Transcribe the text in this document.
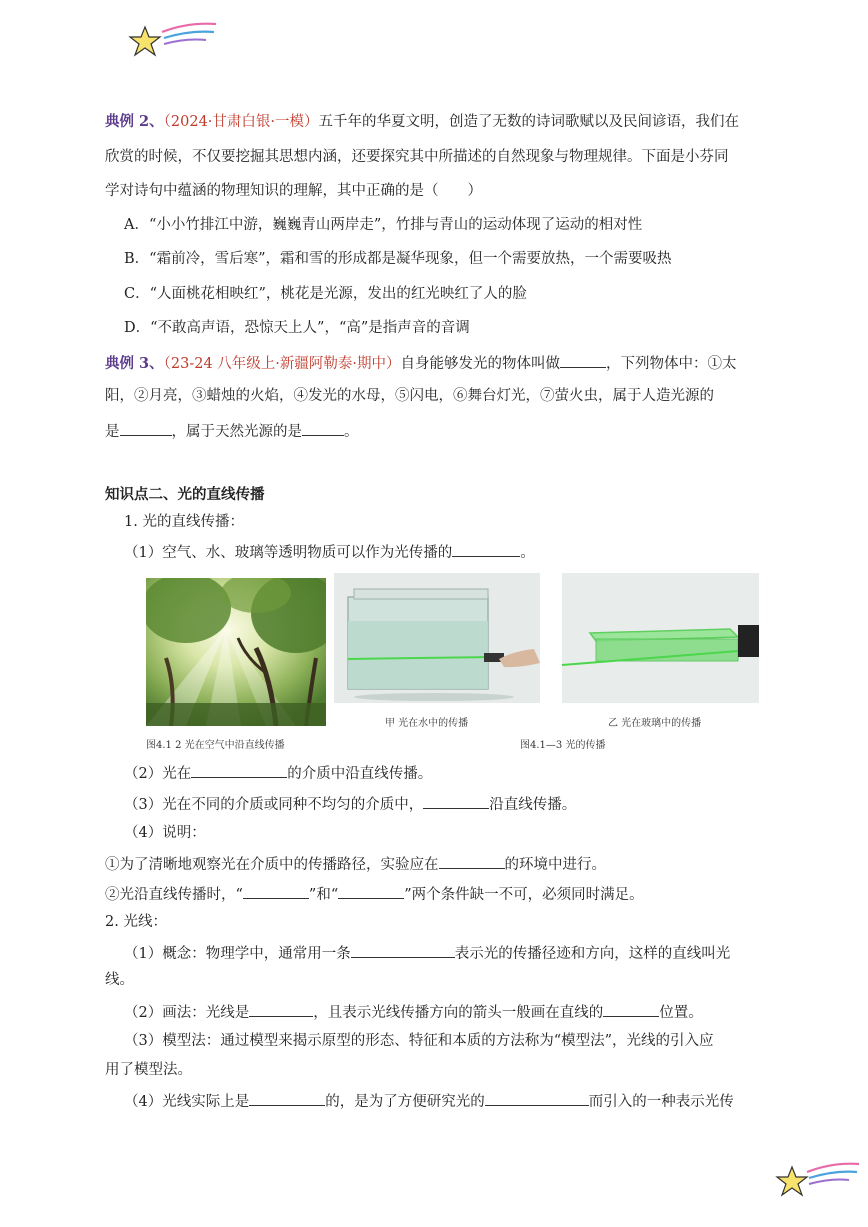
典例 2、（2024·甘肃白银·一模）五千年的华夏文明，创造了无数的诗词歌赋以及民间谚语，我们在
欣赏的时候，不仅要挖掘其思想内涵，还要探究其中所描述的自然现象与物理规律。下面是小芬同
学对诗句中蕴涵的物理知识的理解，其中正确的是（　　）
A．“小小竹排江中游，巍巍青山两岸走”，竹排与青山的运动体现了运动的相对性
B．“霜前冷，雪后寒”，霜和雪的形成都是凝华现象，但一个需要放热，一个需要吸热
C．“人面桃花相映红”，桃花是光源，发出的红光映红了人的脸
D．“不敢高声语，恐惊天上人”，“高”是指声音的音调
典例 3、（23-24 八年级上·新疆阿勒泰·期中）自身能够发光的物体叫做	，下列物体中：①太
阳，②月亮，③蜡烛的火焰，④发光的水母，⑤闪电，⑥舞台灯光，⑦萤火虫，属于人造光源的
是	，属于天然光源的是	。
知识点二、光的直线传播
1. 光的直线传播：
（1）空气、水、玻璃等透明物质可以作为光传播的	。
图4.1 2 光在空气中沿直线传播
甲 光在水中的传播	乙 光在玻璃中的传播
图4.1—3 光的传播
（2）光在	的介质中沿直线传播。
（3）光在不同的介质或同种不均匀的介质中，	沿直线传播。
（4）说明：
①为了清晰地观察光在介质中的传播路径，实验应在	的环境中进行。
②光沿直线传播时，“	”和“	”两个条件缺一不可，必须同时满足。
2. 光线：
（1）概念：物理学中，通常用一条	表示光的传播径迹和方向，这样的直线叫光
线。
（2）画法：光线是	，且表示光线传播方向的箭头一般画在直线的	位置。
（3）模型法：通过模型来揭示原型的形态、特征和本质的方法称为“模型法”，光线的引入应
用了模型法。
（4）光线实际上是	的，是为了方便研究光的	而引入的一种表示光传
